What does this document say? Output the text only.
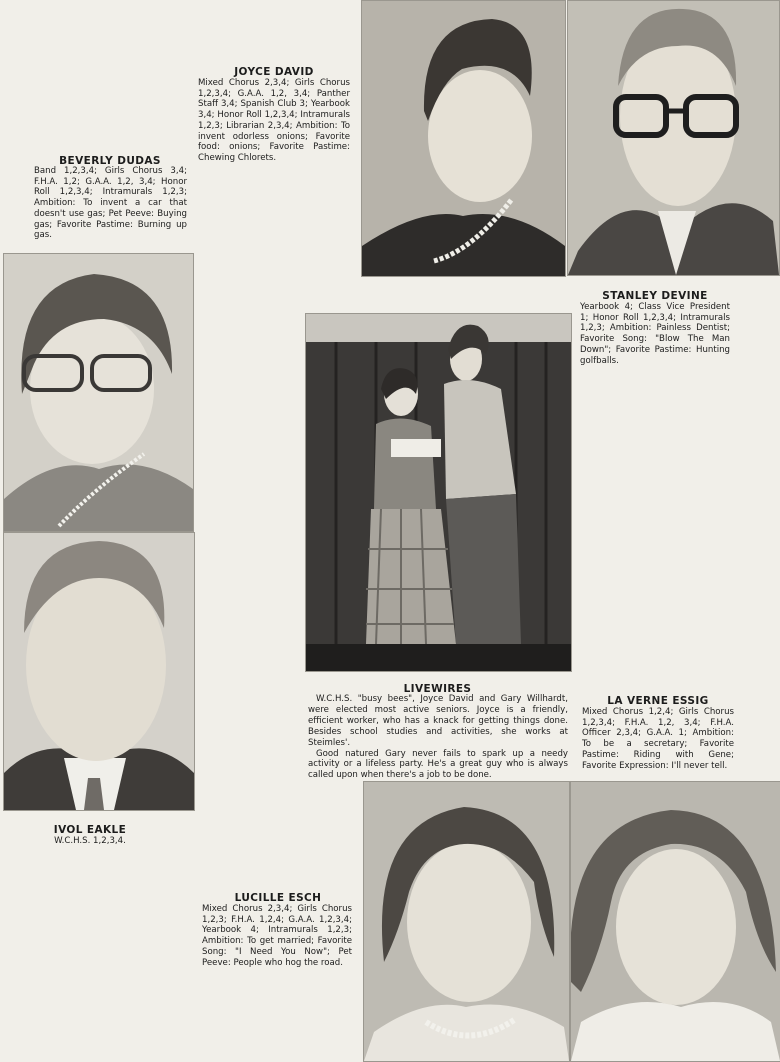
JOYCE DAVID
Mixed Chorus 2,3,4; Girls Chorus 1,2,3,4; G.A.A. 1,2, 3,4; Panther Staff 3,4; Spanish Club 3; Yearbook 3,4; Honor Roll 1,2,3,4; Intramurals 1,2,3; Librarian 2,3,4; Ambition: To invent odorless onions; Favorite food: onions; Favorite Pastime: Chewing Chlorets.
BEVERLY DUDAS
Band 1,2,3,4; Girls Chorus 3,4; F.H.A. 1,2; G.A.A. 1,2, 3,4; Honor Roll 1,2,3,4; Intramurals 1,2,3; Ambition: To invent a car that doesn't use gas; Pet Peeve: Buying gas; Favorite Pastime: Burning up gas.
STANLEY DEVINE
Yearbook 4; Class Vice President 1; Honor Roll 1,2,3,4; Intramurals 1,2,3; Ambition: Painless Dentist; Favorite Song: "Blow The Man Down"; Favorite Pastime: Hunting golfballs.
LIVEWIRES

W.C.H.S. "busy bees", Joyce David and Gary Willhardt, were elected most active seniors. Joyce is a friendly, efficient worker, who has a knack for getting things done. Besides school studies and activities, she works at Steimles'.

Good natured Gary never fails to spark up a needy activity or a lifeless party. He's a great guy who is always called upon when there's a job to be done.

LA VERNE ESSIG
Mixed Chorus 1,2,4; Girls Chorus 1,2,3,4; F.H.A. 1,2, 3,4; F.H.A. Officer 2,3,4; G.A.A. 1; Ambition: To be a secretary; Favorite Pastime: Riding with Gene; Favorite Expression: I'll never tell.
IVOL EAKLE
W.C.H.S. 1,2,3,4.
LUCILLE ESCH
Mixed Chorus 2,3,4; Girls Chorus 1,2,3; F.H.A. 1,2,4; G.A.A. 1,2,3,4; Yearbook 4; Intramurals 1,2,3; Ambition: To get married; Favorite Song: "I Need You Now"; Pet Peeve: People who hog the road.
